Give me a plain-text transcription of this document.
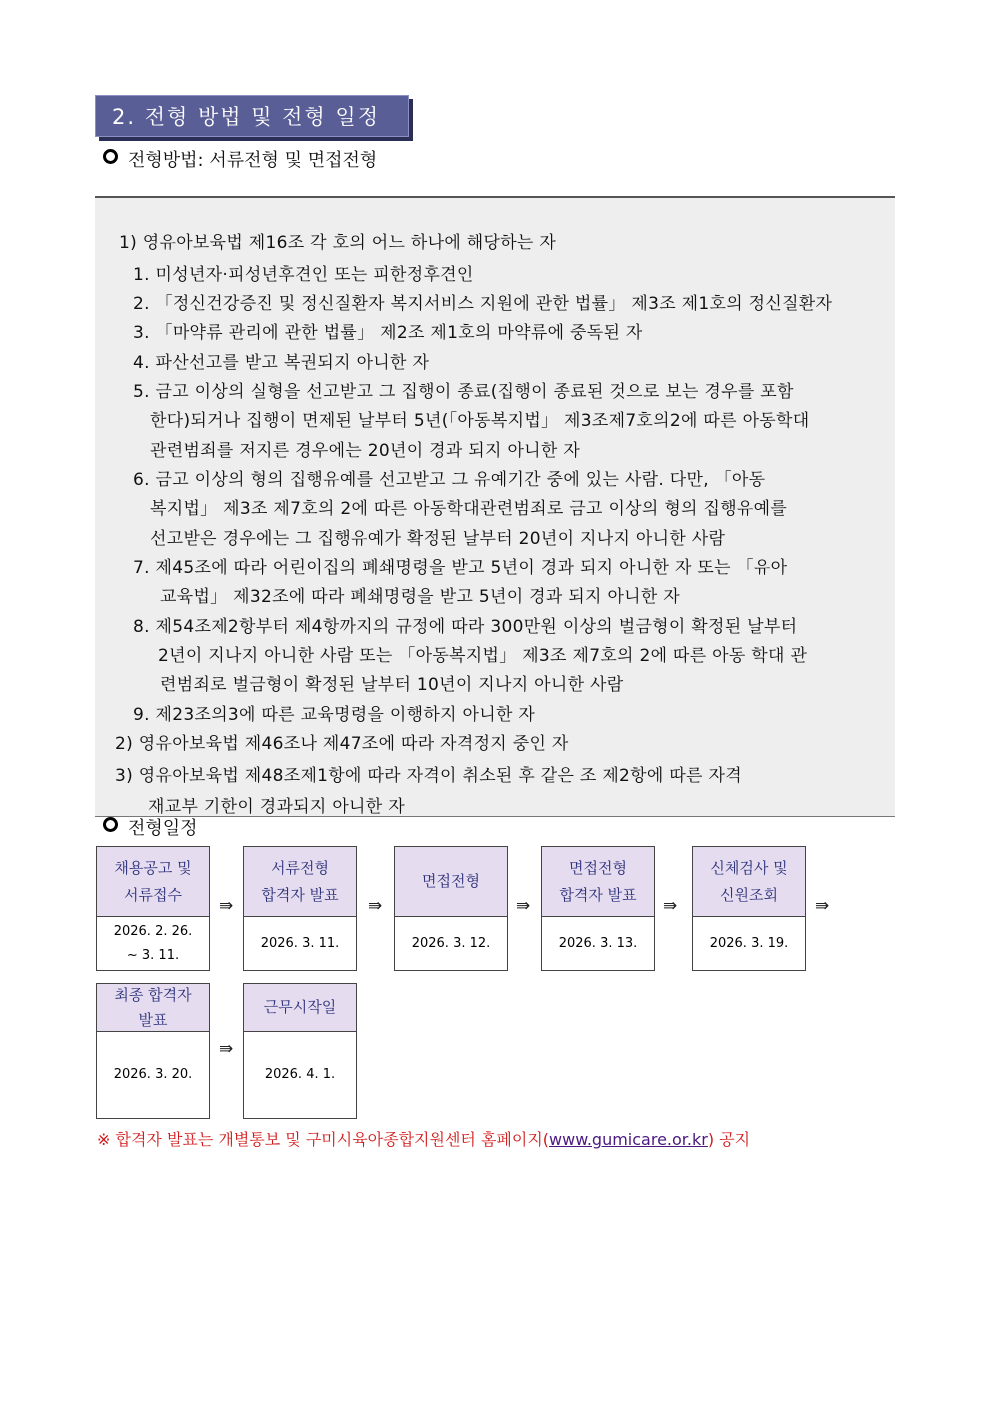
2. 전형 방법 및 전형 일정
전형방법: 서류전형 및 면접전형
1) 영유아보육법 제16조 각 호의 어느 하나에 해당하는 자
1. 미성년자·피성년후견인 또는 피한정후견인
2. 「정신건강증진 및 정신질환자 복지서비스 지원에 관한 법률」 제3조 제1호의 정신질환자
3. 「마약류 관리에 관한 법률」 제2조 제1호의 마약류에 중독된 자
4. 파산선고를 받고 복권되지 아니한 자
5. 금고 이상의 실형을 선고받고 그 집행이 종료(집행이 종료된 것으로 보는 경우를 포함
한다)되거나 집행이 면제된 날부터 5년(「아동복지법」 제3조제7호의2에 따른 아동학대
관련범죄를 저지른 경우에는 20년이 경과 되지 아니한 자
6. 금고 이상의 형의 집행유예를 선고받고 그 유예기간 중에 있는 사람. 다만, 「아동
복지법」 제3조 제7호의 2에 따른 아동학대관련범죄로 금고 이상의 형의 집행유예를
선고받은 경우에는 그 집행유예가 확정된 날부터 20년이 지나지 아니한 사람
7. 제45조에 따라 어린이집의 폐쇄명령을 받고 5년이 경과 되지 아니한 자 또는 「유아
교육법」 제32조에 따라 폐쇄명령을 받고 5년이 경과 되지 아니한 자
8. 제54조제2항부터 제4항까지의 규정에 따라 300만원 이상의 벌금형이 확정된 날부터
2년이 지나지 아니한 사람 또는 「아동복지법」 제3조 제7호의 2에 따른 아동 학대 관
련범죄로 벌금형이 확정된 날부터 10년이 지나지 아니한 사람
9. 제23조의3에 따른 교육명령을 이행하지 아니한 자
2) 영유아보육법 제46조나 제47조에 따라 자격정지 중인 자
3) 영유아보육법 제48조제1항에 따라 자격이 취소된 후 같은 조 제2항에 따른 자격
재교부 기한이 경과되지 아니한 자
전형일정
채용공고 및
서류접수
2026. 2. 26.
~ 3. 11.
⇛
서류전형
합격자 발표
2026. 3. 11.
⇛
면접전형
2026. 3. 12.
⇛
면접전형
합격자 발표
2026. 3. 13.
⇛
신체검사 및
신원조회
2026. 3. 19.
⇛
최종 합격자
발표
2026. 3. 20.
⇛
근무시작일
2026. 4. 1.
※ 합격자 발표는 개별통보 및 구미시육아종합지원센터 홈페이지(www.gumicare.or.kr) 공지
